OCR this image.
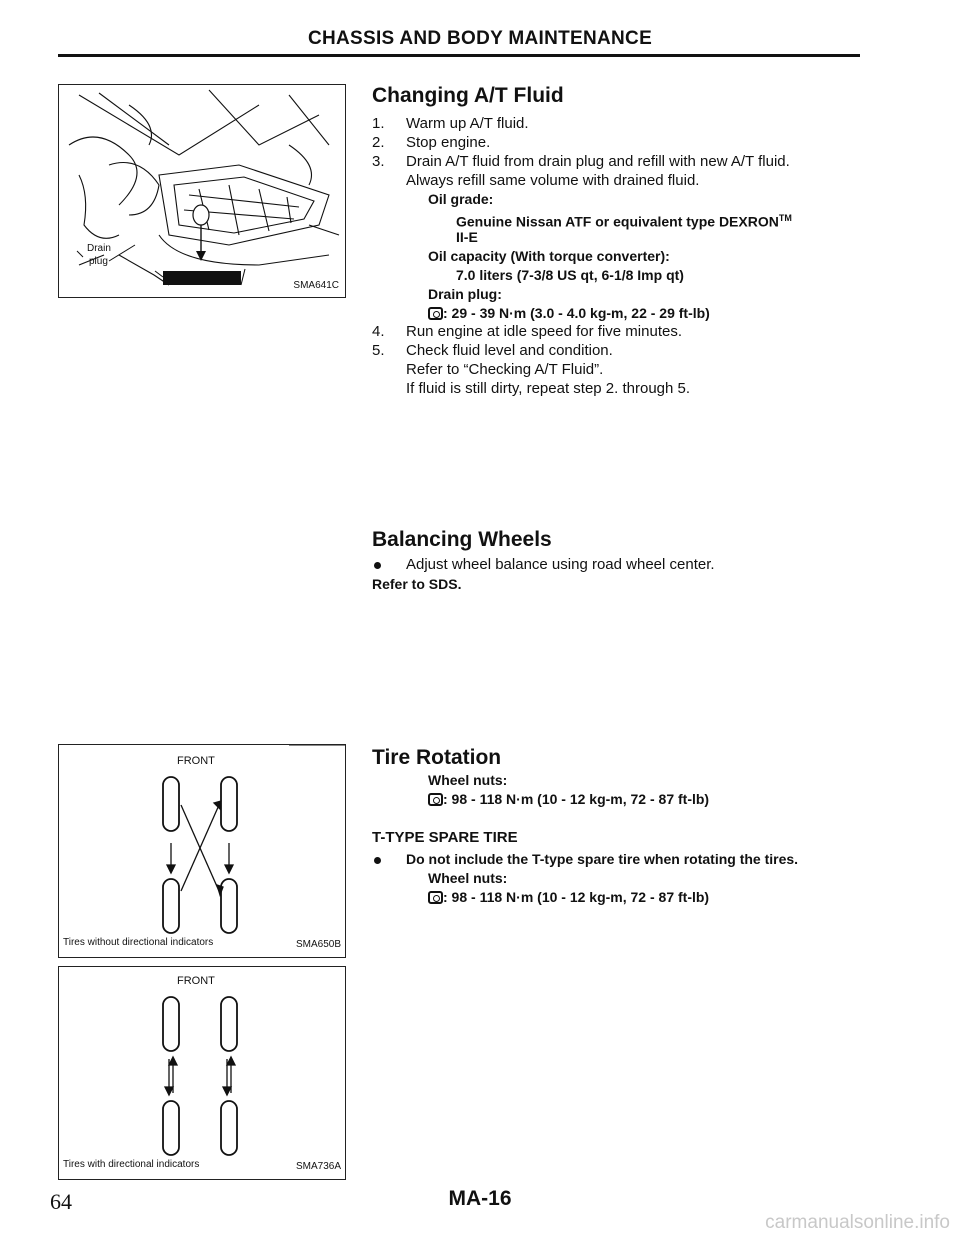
CHASSIS AND BODY MAINTENANCE
Drain
plug
SMA641C
FRONT
Tires without directional indicators	SMA650B
FRONT
Tires with directional indicators	SMA736A
Changing A/T Fluid
1. Warm up A/T fluid.
2. Stop engine.
3. Drain A/T fluid from drain plug and refill with new A/T fluid.
Always refill same volume with drained fluid.
Oil grade:
Genuine Nissan ATF or equivalent type DEXRON™
II-E
Oil capacity (With torque converter):
7.0 liters (7-3/8 US qt, 6-1/8 Imp qt)
Drain plug:
: 29 - 39 N·m (3.0 - 4.0 kg-m, 22 - 29 ft-lb)
4. Run engine at idle speed for five minutes.
5. Check fluid level and condition.
Refer to “Checking A/T Fluid”.
If fluid is still dirty, repeat step 2. through 5.
Balancing Wheels
Adjust wheel balance using road wheel center.
Refer to SDS.
Tire Rotation
Wheel nuts:
: 98 - 118 N·m (10 - 12 kg-m, 72 - 87 ft-lb)
T-TYPE SPARE TIRE
Do not include the T-type spare tire when rotating the tires.
Wheel nuts:
: 98 - 118 N·m (10 - 12 kg-m, 72 - 87 ft-lb)
64	MA-16
carmanualsonline.info
